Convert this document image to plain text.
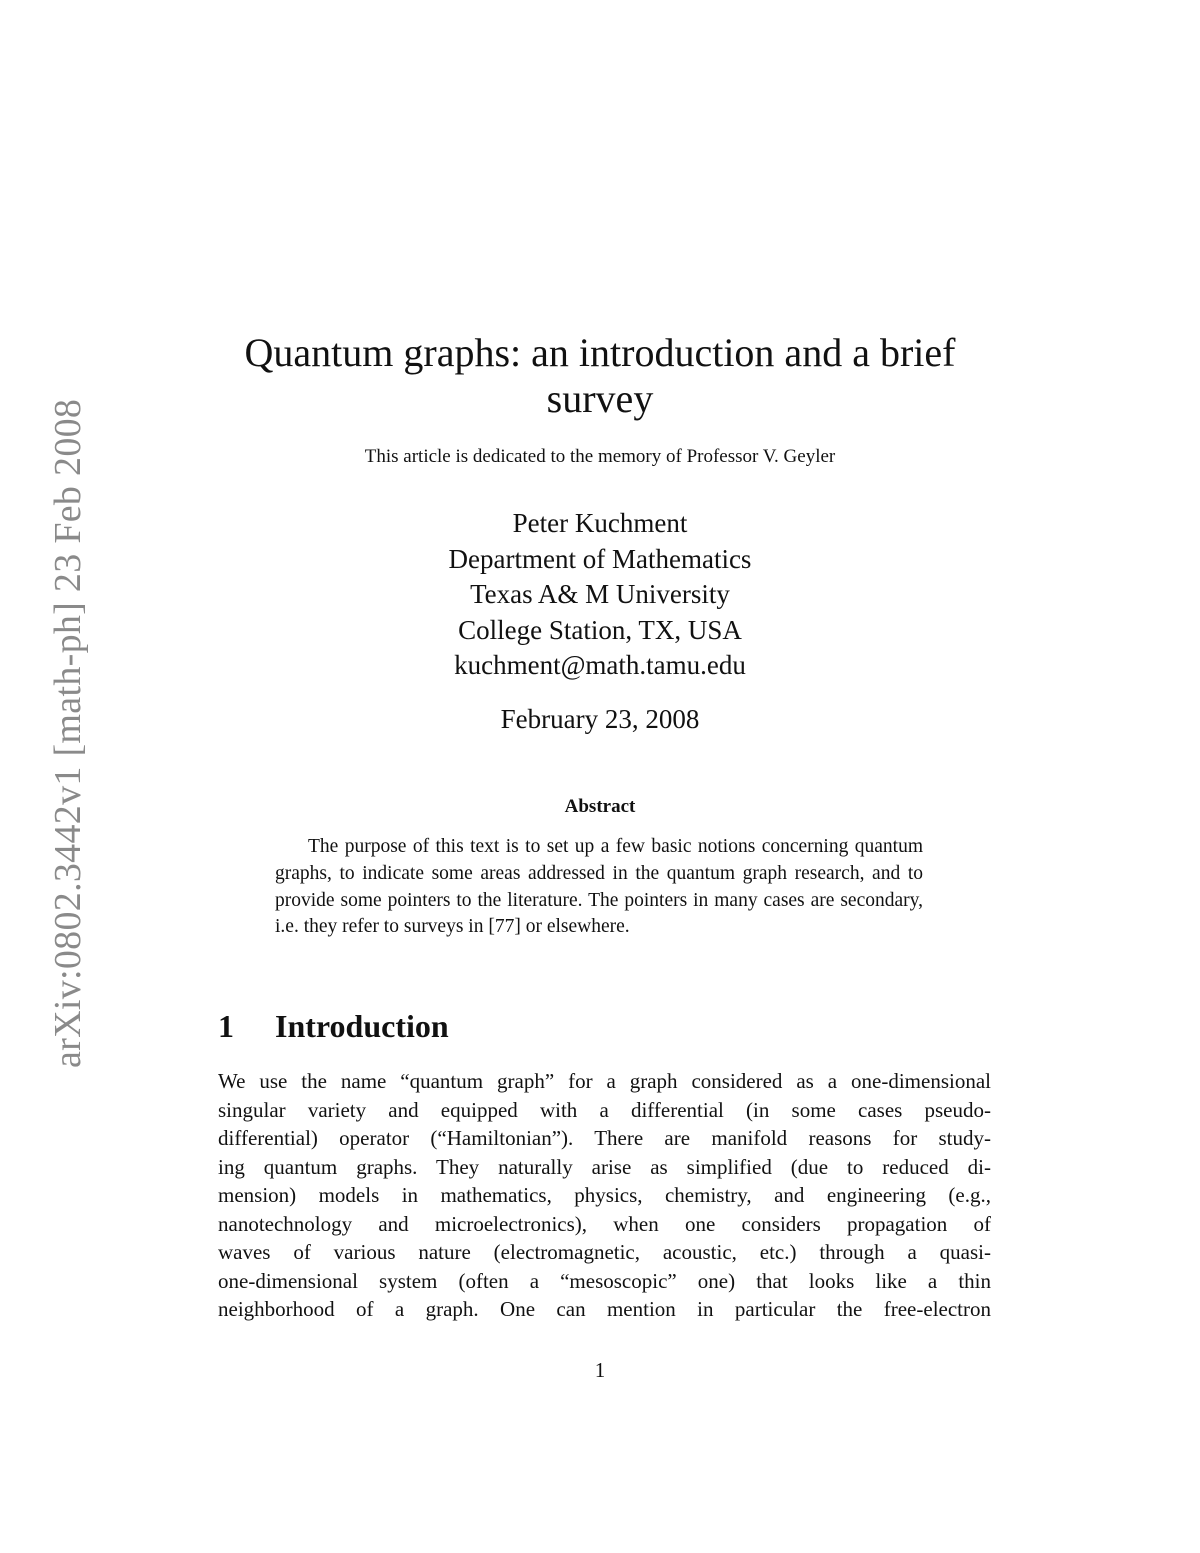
arXiv:0802.3442v1 [math-ph] 23 Feb 2008
Quantum graphs: an introduction and a brief
survey
This article is dedicated to the memory of Professor V. Geyler
Peter Kuchment
Department of Mathematics
Texas A& M University
College Station, TX, USA
kuchment@math.tamu.edu
February 23, 2008
Abstract

The purpose of this text is to set up a few basic notions concerning quantum graphs, to indicate some areas addressed in the quantum graph research, and to provide some pointers to the literature. The pointers in many cases are secondary, i.e. they refer to surveys in [77] or elsewhere.

1 Introduction
We use the name “quantum graph” for a graph considered as a one-dimensional
singular variety and equipped with a differential (in some cases pseudo-
differential) operator (“Hamiltonian”). There are manifold reasons for study-
ing quantum graphs. They naturally arise as simplified (due to reduced di-
mension) models in mathematics, physics, chemistry, and engineering (e.g.,
nanotechnology and microelectronics), when one considers propagation of
waves of various nature (electromagnetic, acoustic, etc.) through a quasi-
one-dimensional system (often a “mesoscopic” one) that looks like a thin
neighborhood of a graph. One can mention in particular the free-electron
1
